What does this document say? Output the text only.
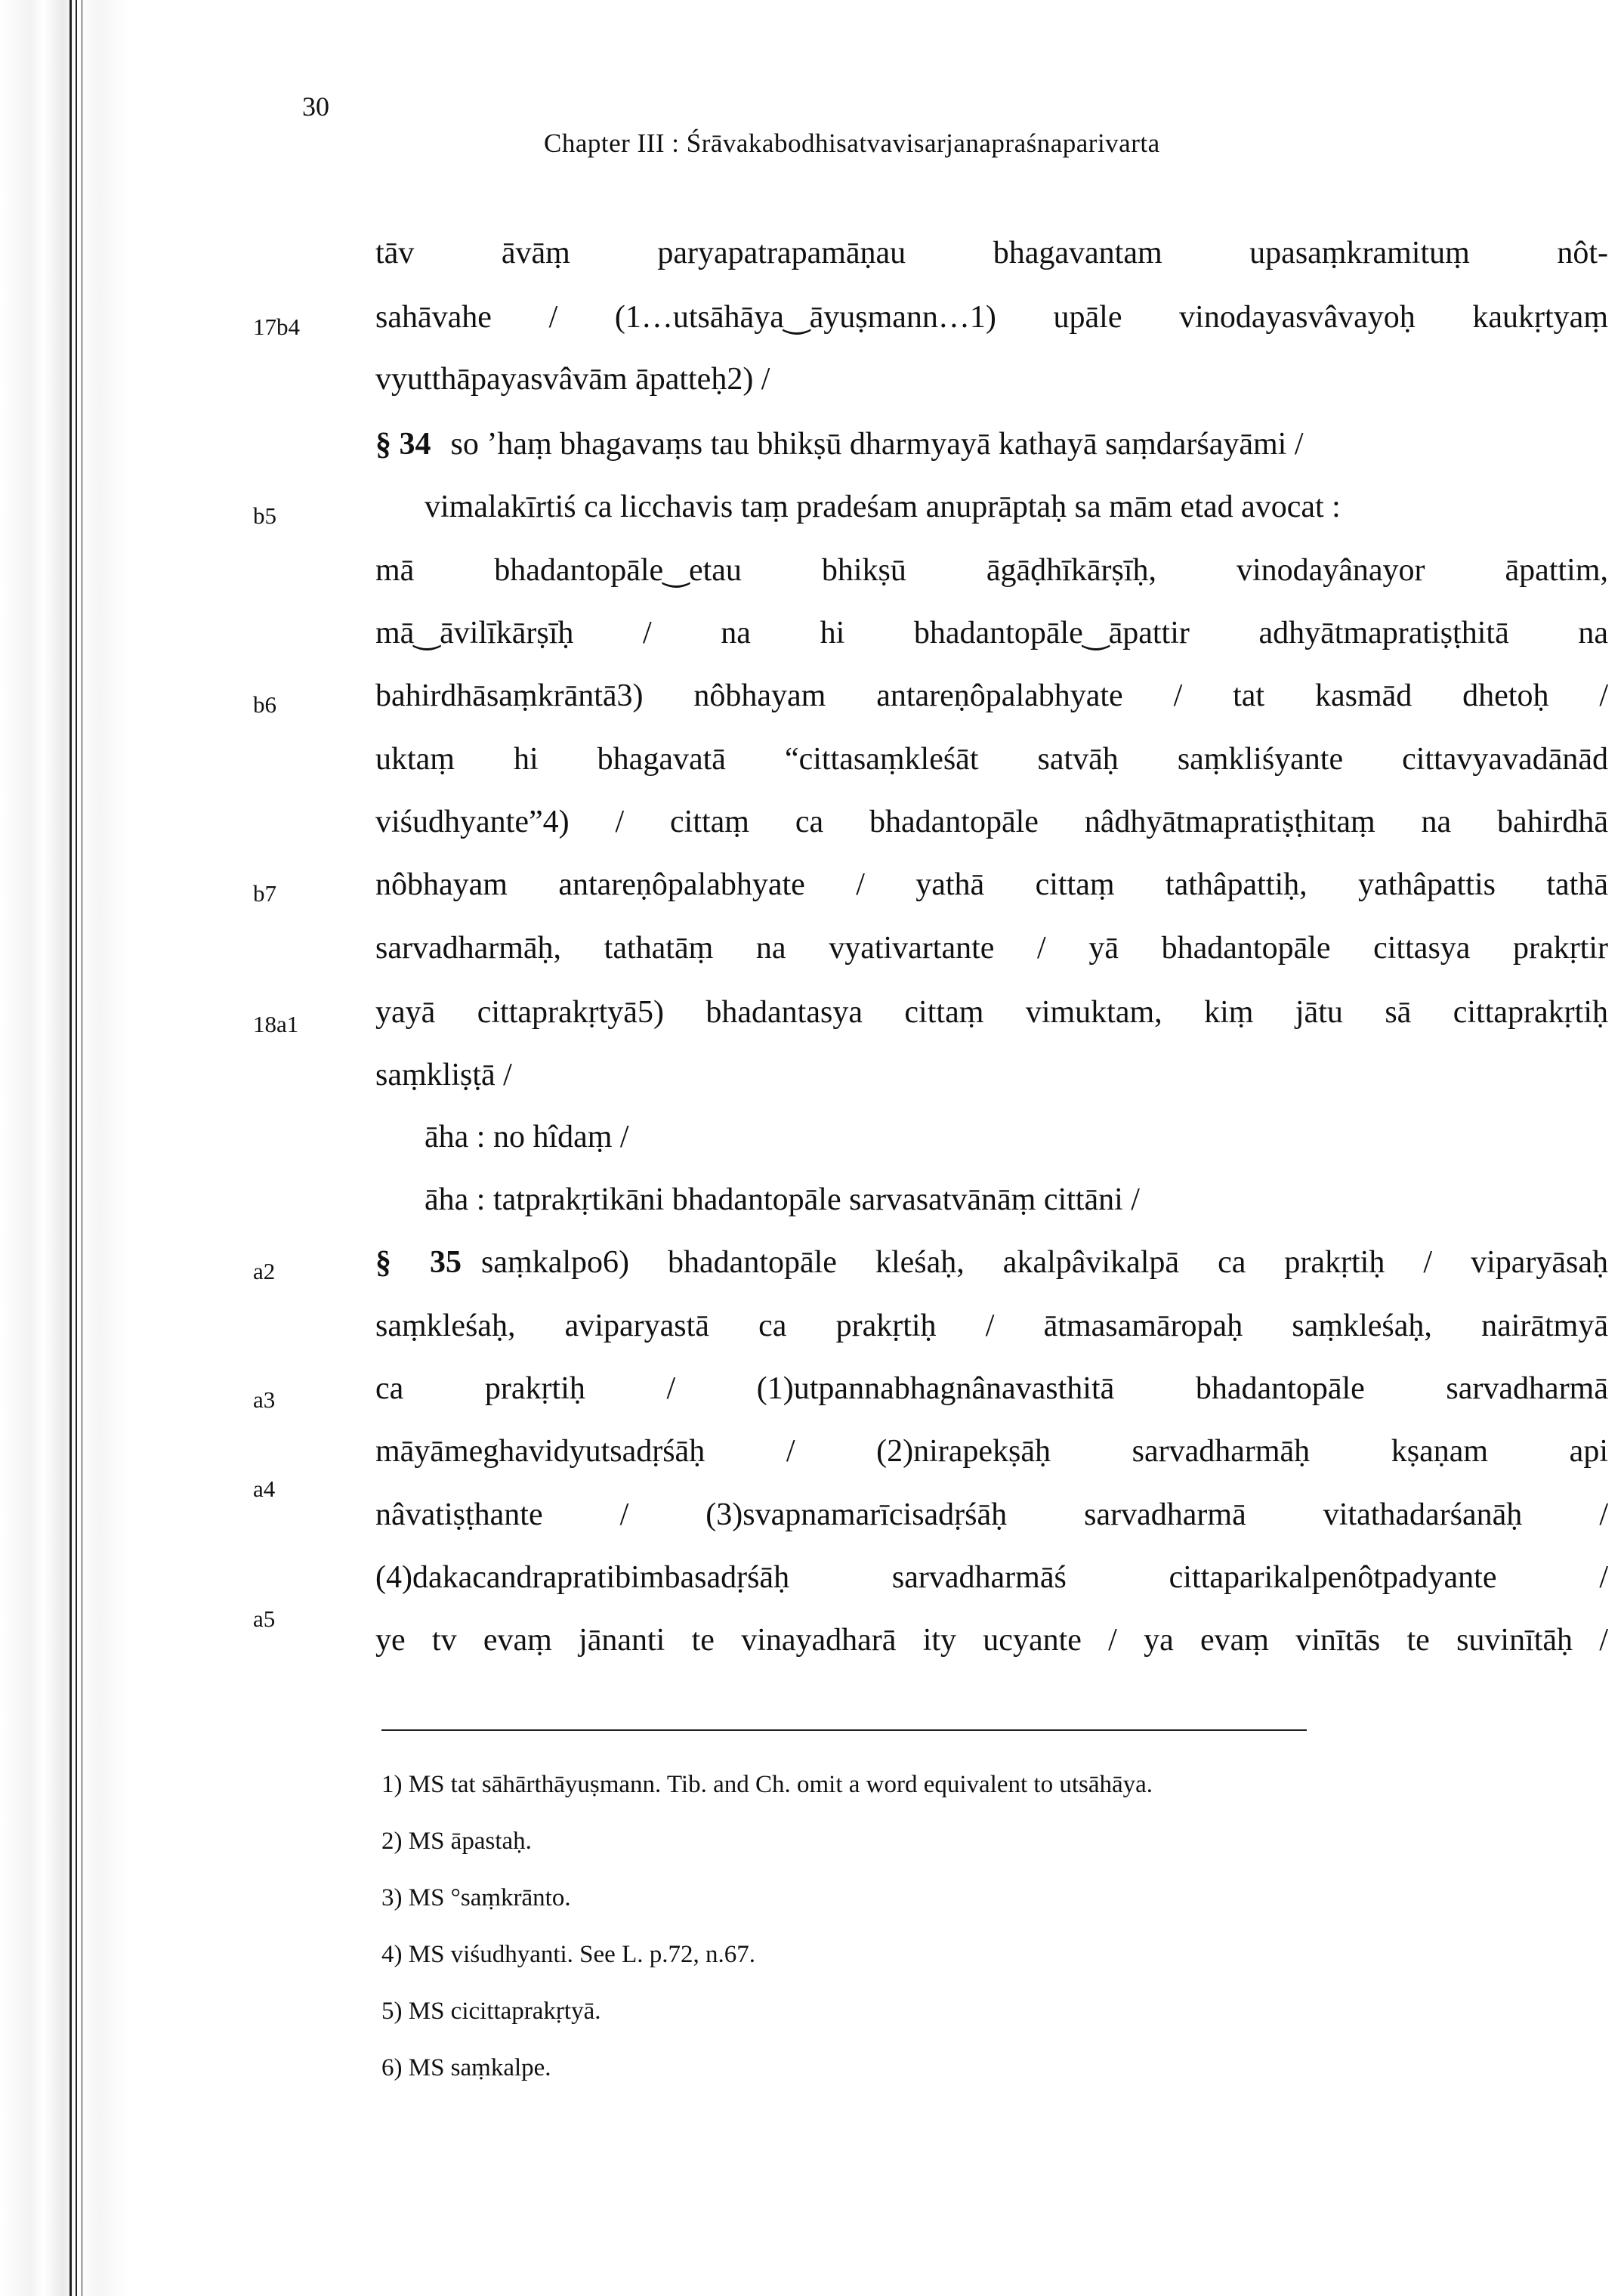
30
Chapter III : Śrāvakabodhisatvavisarjanapraśnaparivarta
17b4
b5
b6
b7
18a1
a2
a3
a4
a5
tāv āvāṃ paryapatrapamāṇau bhagavantam upasaṃkramituṃ nôt-
sahāvahe / (1…utsāhāya‿āyuṣmann…1) upāle vinodayasvâvayoḥ kaukṛtyaṃ
vyutthāpayasvâvām āpatteḥ2) /
§ 34 so ’haṃ bhagavaṃs tau bhikṣū dharmyayā kathayā saṃdarśayāmi /
vimalakīrtiś ca licchavis taṃ pradeśam anuprāptaḥ sa mām etad avocat :
mā bhadantopāle‿etau bhikṣū āgāḍhīkārṣīḥ, vinodayânayor āpattim,
mā‿āvilīkārṣīḥ / na hi bhadantopāle‿āpattir adhyātmapratiṣṭhitā na
bahirdhāsaṃkrāntā3) nôbhayam antareṇôpalabhyate / tat kasmād dhetoḥ /
uktaṃ hi bhagavatā “cittasaṃkleśāt satvāḥ saṃkliśyante cittavyavadānād
viśudhyante”4) / cittaṃ ca bhadantopāle nâdhyātmapratiṣṭhitaṃ na bahirdhā
nôbhayam antareṇôpalabhyate / yathā cittaṃ tathâpattiḥ, yathâpattis tathā
sarvadharmāḥ, tathatāṃ na vyativartante / yā bhadantopāle cittasya prakṛtir
yayā cittaprakṛtyā5) bhadantasya cittaṃ vimuktam, kiṃ jātu sā cittaprakṛtiḥ
saṃkliṣṭā /
āha : no hîdaṃ /
āha : tatprakṛtikāni bhadantopāle sarvasatvānāṃ cittāni /
§ 35 saṃkalpo6) bhadantopāle kleśaḥ, akalpâvikalpā ca prakṛtiḥ / viparyāsaḥ
saṃkleśaḥ, aviparyastā ca prakṛtiḥ / ātmasamāropaḥ saṃkleśaḥ, nairātmyā
ca prakṛtiḥ / (1)utpannabhagnânavasthitā bhadantopāle sarvadharmā
māyāmeghavidyutsadṛśāḥ / (2)nirapekṣāḥ sarvadharmāḥ kṣaṇam api
nâvatiṣṭhante / (3)svapnamarīcisadṛśāḥ sarvadharmā vitathadarśanāḥ /
(4)dakacandrapratibimbasadṛśāḥ sarvadharmāś cittaparikalpenôtpadyante /
ye tv evaṃ jānanti te vinayadharā ity ucyante / ya evaṃ vinītās te suvinītāḥ /
1) MS tat sāhārthāyuṣmann. Tib. and Ch. omit a word equivalent to utsāhāya.
2) MS āpastaḥ.
3) MS °saṃkrānto.
4) MS viśudhyanti. See L. p.72, n.67.
5) MS cicittaprakṛtyā.
6) MS saṃkalpe.
